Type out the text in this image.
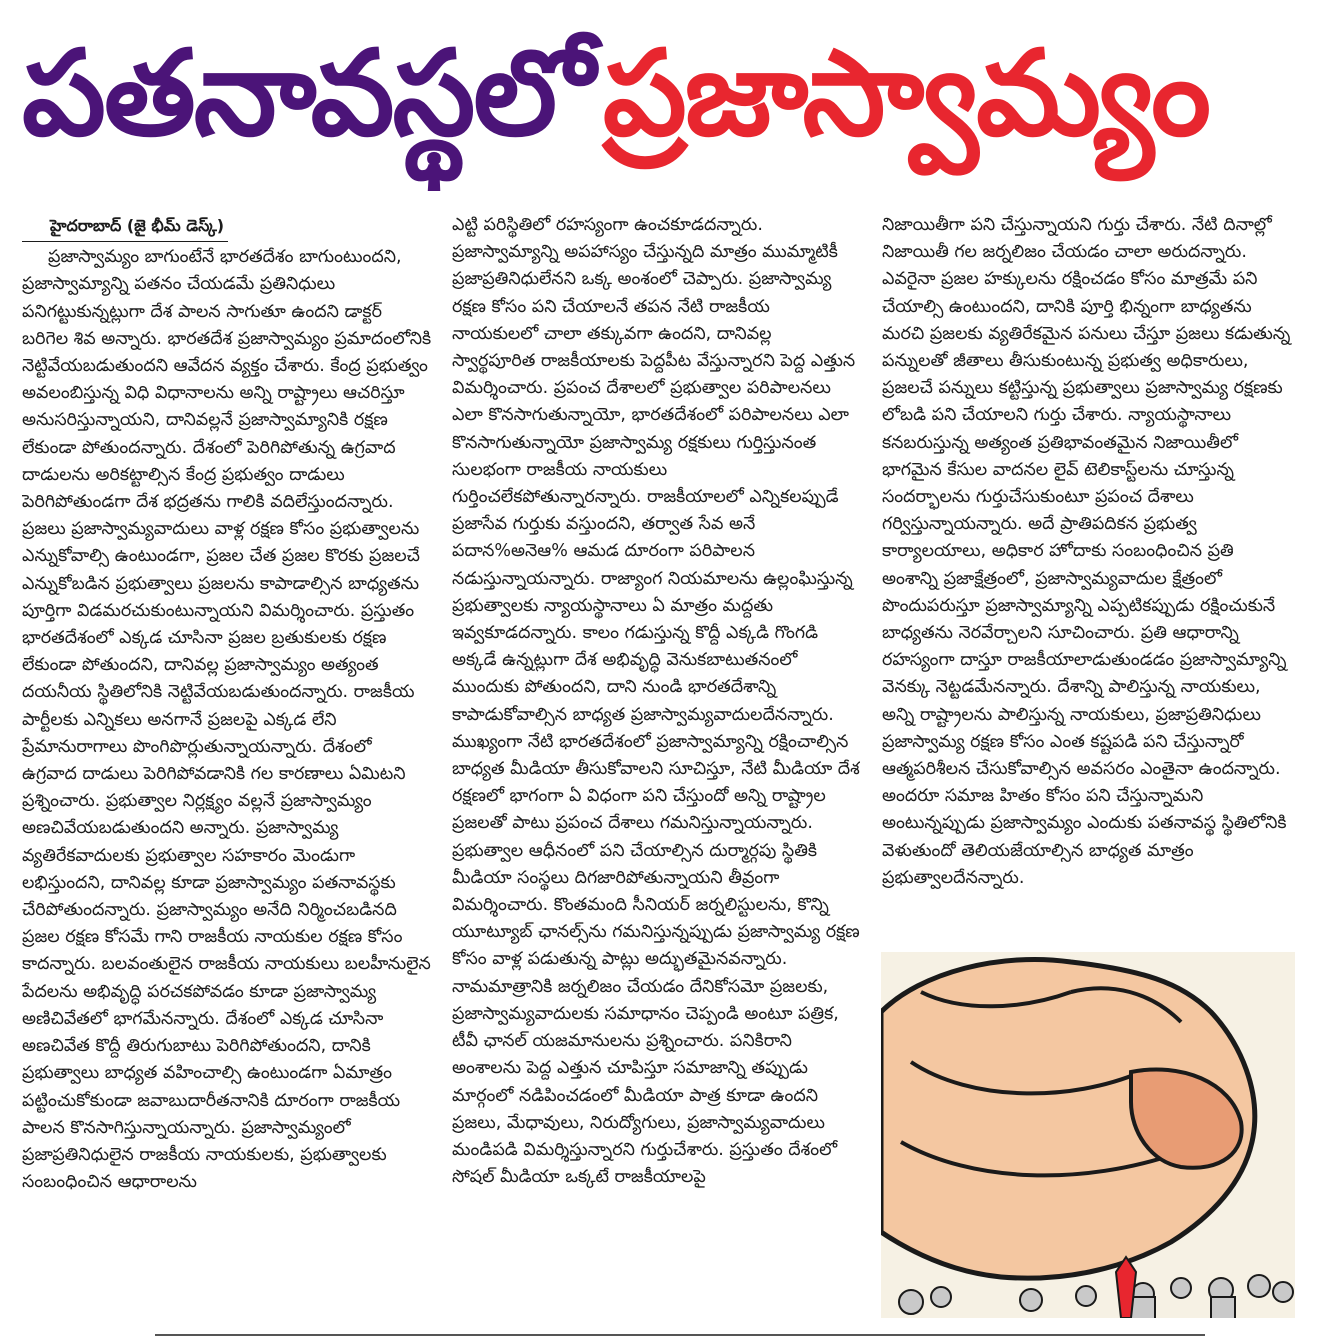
పతనావస్థలోప్రజాస్వామ్యం
హైదరాబాద్ (జై భీమ్ డెస్క్)

ప్రజాస్వామ్యం బాగుంటేనే భారతదేశం బాగుంటుందని, ప్రజాస్వామ్యాన్ని పతనం చేయడమే ప్రతినిధులు పనిగట్టుకున్నట్లుగా దేశ పాలన సాగుతూ ఉందని డాక్టర్ బరిగెల శివ అన్నారు. భారతదేశ ప్రజాస్వామ్యం ప్రమాదంలోనికి నెట్టివేయబడుతుందని ఆవేదన వ్యక్తం చేశారు. కేంద్ర ప్రభుత్వం అవలంబిస్తున్న విధి విధానాలను అన్ని రాష్ట్రాలు ఆచరిస్తూ అనుసరిస్తున్నాయని, దానివల్లనే ప్రజాస్వామ్యానికి రక్షణ లేకుండా పోతుందన్నారు. దేశంలో పెరిగిపోతున్న ఉగ్రవాద దాడులను అరికట్టాల్సిన కేంద్ర ప్రభుత్వం దాడులు పెరిగిపోతుండగా దేశ భద్రతను గాలికి వదిలేస్తుందన్నారు. ప్రజలు ప్రజాస్వామ్యవాదులు వాళ్ల రక్షణ కోసం ప్రభుత్వాలను ఎన్నుకోవాల్సి ఉంటుండగా, ప్రజల చేత ప్రజల కొరకు ప్రజలచే ఎన్నుకోబడిన ప్రభుత్వాలు ప్రజలను కాపాడాల్సిన బాధ్యతను పూర్తిగా విడమరచుకుంటున్నాయని విమర్శించారు. ప్రస్తుతం భారతదేశంలో ఎక్కడ చూసినా ప్రజల బ్రతుకులకు రక్షణ లేకుండా పోతుందని, దానివల్ల ప్రజాస్వామ్యం అత్యంత దయనీయ స్థితిలోనికి నెట్టివేయబడుతుందన్నారు. రాజకీయ పార్టీలకు ఎన్నికలు అనగానే ప్రజలపై ఎక్కడ లేని ప్రేమానురాగాలు పొంగిపొర్లుతున్నాయన్నారు. దేశంలో ఉగ్రవాద దాడులు పెరిగిపోవడానికి గల కారణాలు ఏమిటని ప్రశ్నించారు. ప్రభుత్వాల నిర్లక్ష్యం వల్లనే ప్రజాస్వామ్యం అణచివేయబడుతుందని అన్నారు. ప్రజాస్వామ్య వ్యతిరేకవాదులకు ప్రభుత్వాల సహకారం మెండుగా లభిస్తుందని, దానివల్ల కూడా ప్రజాస్వామ్యం పతనావస్థకు చేరిపోతుందన్నారు. ప్రజాస్వామ్యం అనేది నిర్మించబడినది ప్రజల రక్షణ కోసమే గాని రాజకీయ నాయకుల రక్షణ కోసం కాదన్నారు. బలవంతులైన రాజకీయ నాయకులు బలహీనులైన పేదలను అభివృద్ధి పరచకపోవడం కూడా ప్రజాస్వామ్య అణిచివేతలో భాగమేనన్నారు. దేశంలో ఎక్కడ చూసినా అణచివేత కొద్దీ తిరుగుబాటు పెరిగిపోతుందని, దానికి ప్రభుత్వాలు బాధ్యత వహించాల్సి ఉంటుండగా ఏమాత్రం పట్టించుకోకుండా జవాబుదారీతనానికి దూరంగా రాజకీయ పాలన కొనసాగిస్తున్నాయన్నారు. ప్రజాస్వామ్యంలో ప్రజాప్రతినిధులైన రాజకీయ నాయకులకు, ప్రభుత్వాలకు సంబంధించిన ఆధారాలను

ఎట్టి పరిస్థితిలో రహస్యంగా ఉంచకూడదన్నారు. ప్రజాస్వామ్యాన్ని అపహాస్యం చేస్తున్నది మాత్రం ముమ్మాటికీ ప్రజాప్రతినిధులేనని ఒక్క అంశంలో చెప్పారు. ప్రజాస్వామ్య రక్షణ కోసం పని చేయాలనే తపన నేటి రాజకీయ నాయకులలో చాలా తక్కువగా ఉందని, దానివల్ల స్వార్థపూరిత రాజకీయాలకు పెద్దపీట వేస్తున్నారని పెద్ద ఎత్తున విమర్శించారు. ప్రపంచ దేశాలలో ప్రభుత్వాల పరిపాలనలు ఎలా కొనసాగుతున్నాయో, భారతదేశంలో పరిపాలనలు ఎలా కొనసాగుతున్నాయో ప్రజాస్వామ్య రక్షకులు గుర్తిస్తునంత సులభంగా రాజకీయ నాయకులు గుర్తించలేకపోతున్నారన్నారు. రాజకీయాలలో ఎన్నికలప్పుడే ప్రజాసేవ గుర్తుకు వస్తుందని, తర్వాత సేవ అనే పదాన%అనెఆ% ఆమడ దూరంగా పరిపాలన నడుస్తున్నాయన్నారు. రాజ్యాంగ నియమాలను ఉల్లంఘిస్తున్న ప్రభుత్వాలకు న్యాయస్థానాలు ఏ మాత్రం మద్దతు ఇవ్వకూడదన్నారు. కాలం గడుస్తున్న కొద్దీ ఎక్కడి గొంగడి అక్కడే ఉన్నట్లుగా దేశ అభివృద్ధి వెనుకబాటుతనంలో ముందుకు పోతుందని, దాని నుండి భారతదేశాన్ని కాపాడుకోవాల్సిన బాధ్యత ప్రజాస్వామ్యవాదులదేనన్నారు. ముఖ్యంగా నేటి భారతదేశంలో ప్రజాస్వామ్యాన్ని రక్షించాల్సిన బాధ్యత మీడియా తీసుకోవాలని సూచిస్తూ, నేటి మీడియా దేశ రక్షణలో భాగంగా ఏ విధంగా పని చేస్తుందో అన్ని రాష్ట్రాల ప్రజలతో పాటు ప్రపంచ దేశాలు గమనిస్తున్నాయన్నారు. ప్రభుత్వాల ఆధీనంలో పని చేయాల్సిన దుర్మార్గపు స్థితికి మీడియా సంస్థలు దిగజారిపోతున్నాయని తీవ్రంగా విమర్శించారు. కొంతమంది సీనియర్ జర్నలిస్టులను, కొన్ని యూట్యూబ్ ఛానల్స్‌ను గమనిస్తున్నప్పుడు ప్రజాస్వామ్య రక్షణ కోసం వాళ్ల పడుతున్న పాట్లు అద్భుతమైనవన్నారు. నామమాత్రానికి జర్నలిజం చేయడం దేనికోసమో ప్రజలకు, ప్రజాస్వామ్యవాదులకు సమాధానం చెప్పండి అంటూ పత్రిక, టీవీ ఛానల్ యజమానులను ప్రశ్నించారు. పనికిరాని అంశాలను పెద్ద ఎత్తున చూపిస్తూ సమాజాన్ని తప్పుడు మార్గంలో నడిపించడంలో మీడియా పాత్ర కూడా ఉందని ప్రజలు, మేధావులు, నిరుద్యోగులు, ప్రజాస్వామ్యవాదులు మండిపడి విమర్శిస్తున్నారని గుర్తుచేశారు. ప్రస్తుతం దేశంలో సోషల్ మీడియా ఒక్కటే రాజకీయాలపై

నిజాయితీగా పని చేస్తున్నాయని గుర్తు చేశారు. నేటి దినాల్లో నిజాయితీ గల జర్నలిజం చేయడం చాలా అరుదన్నారు. ఎవరైనా ప్రజల హక్కులను రక్షించడం కోసం మాత్రమే పని చేయాల్సి ఉంటుందని, దానికి పూర్తి భిన్నంగా బాధ్యతను మరచి ప్రజలకు వ్యతిరేకమైన పనులు చేస్తూ ప్రజలు కడుతున్న పన్నులతో జీతాలు తీసుకుంటున్న ప్రభుత్వ అధికారులు, ప్రజలచే పన్నులు కట్టిస్తున్న ప్రభుత్వాలు ప్రజాస్వామ్య రక్షణకు లోబడి పని చేయాలని గుర్తు చేశారు. న్యాయస్థానాలు కనబరుస్తున్న అత్యంత ప్రతిభావంతమైన నిజాయితీలో భాగమైన కేసుల వాదనల లైవ్ టెలికాస్ట్‌లను చూస్తున్న సందర్భాలను గుర్తుచేసుకుంటూ ప్రపంచ దేశాలు గర్విస్తున్నాయన్నారు. అదే ప్రాతిపదికన ప్రభుత్వ కార్యాలయాలు, అధికార హోదాకు సంబంధించిన ప్రతి అంశాన్ని ప్రజాక్షేత్రంలో, ప్రజాస్వామ్యవాదుల క్షేత్రంలో పొందుపరుస్తూ ప్రజాస్వామ్యాన్ని ఎప్పటికప్పుడు రక్షించుకునే బాధ్యతను నెరవేర్చాలని సూచించారు. ప్రతి ఆధారాన్ని రహస్యంగా దాస్తూ రాజకీయాలాడుతుండడం ప్రజాస్వామ్యాన్ని వెనక్కు నెట్టడమేనన్నారు. దేశాన్ని పాలిస్తున్న నాయకులు, అన్ని రాష్ట్రాలను పాలిస్తున్న నాయకులు, ప్రజాప్రతినిధులు ప్రజాస్వామ్య రక్షణ కోసం ఎంత కష్టపడి పని చేస్తున్నారో ఆత్మపరిశీలన చేసుకోవాల్సిన అవసరం ఎంతైనా ఉందన్నారు. అందరూ సమాజ హితం కోసం పని చేస్తున్నామని అంటున్నప్పుడు ప్రజాస్వామ్యం ఎందుకు పతనావస్థ స్థితిలోనికి వెళుతుందో తెలియజేయాల్సిన బాధ్యత మాత్రం ప్రభుత్వాలదేనన్నారు.
